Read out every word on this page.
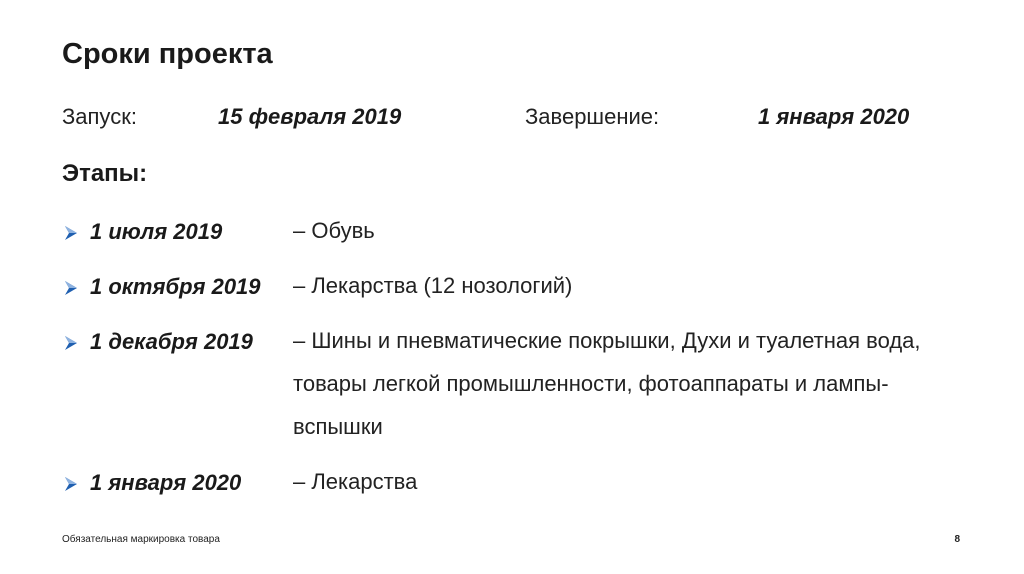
Сроки проекта
Запуск:	15 февраля 2019	Завершение:	1 января 2020
Этапы:
1 июля 2019	– Обувь
1 октября 2019 – Лекарства (12 нозологий)
1 декабря 2019 – Шины и пневматические покрышки, Духи и туалетная вода, товары легкой промышленности, фотоаппараты и лампы-вспышки
1 января 2020 – Лекарства
Обязательная маркировка товара	8
